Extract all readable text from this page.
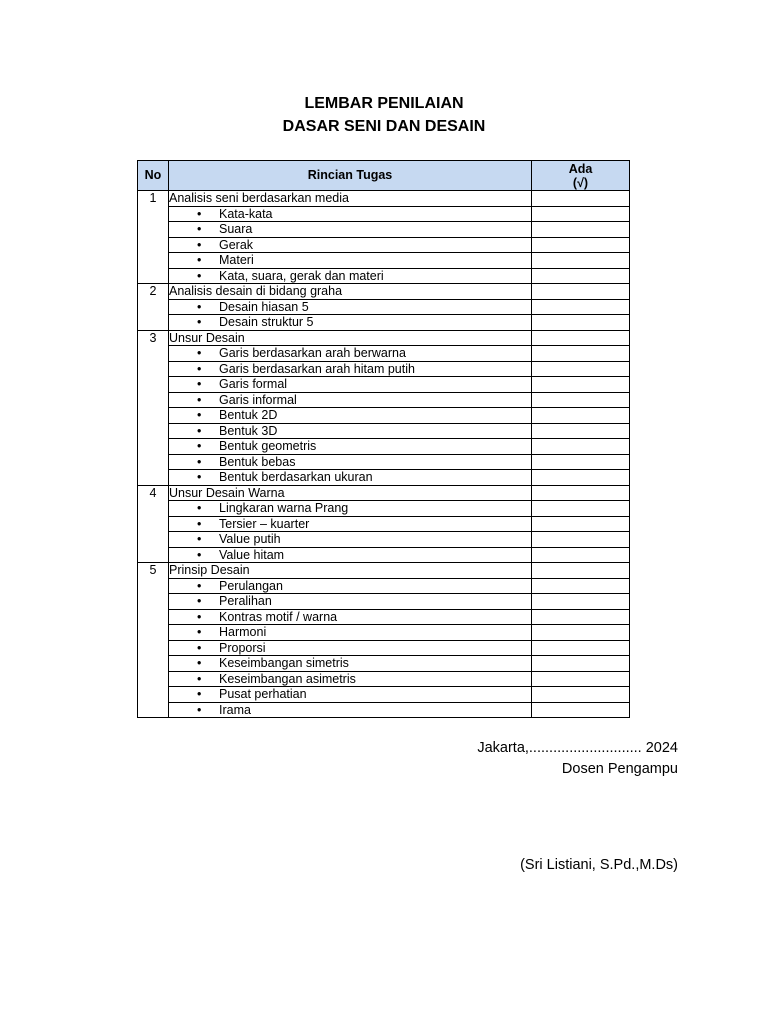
LEMBAR PENILAIAN
DASAR SENI DAN DESAIN
No	Rincian Tugas	Ada
(√)

1	Analisis seni berdasarkan media	
	• Kata-kata	
	• Suara	
	• Gerak	
	• Materi	
	• Kata, suara, gerak dan materi	
2	Analisis desain di bidang graha	
	• Desain hiasan 5	
	• Desain struktur 5	
3	Unsur Desain	
	• Garis berdasarkan arah berwarna	
	• Garis berdasarkan arah hitam putih	
	• Garis formal	
	• Garis informal	
	• Bentuk 2D	
	• Bentuk 3D	
	• Bentuk geometris	
	• Bentuk bebas	
	• Bentuk berdasarkan ukuran	
4	Unsur Desain Warna	
	• Lingkaran warna Prang	
	• Tersier – kuarter	
	• Value putih	
	• Value hitam	
5	Prinsip Desain	
	• Perulangan	
	• Peralihan	
	• Kontras motif / warna	
	• Harmoni	
	• Proporsi	
	• Keseimbangan simetris	
	• Keseimbangan asimetris	
	• Pusat perhatian	
	• Irama	
Jakarta,............................ 2024
Dosen Pengampu
(Sri Listiani, S.Pd.,M.Ds)
